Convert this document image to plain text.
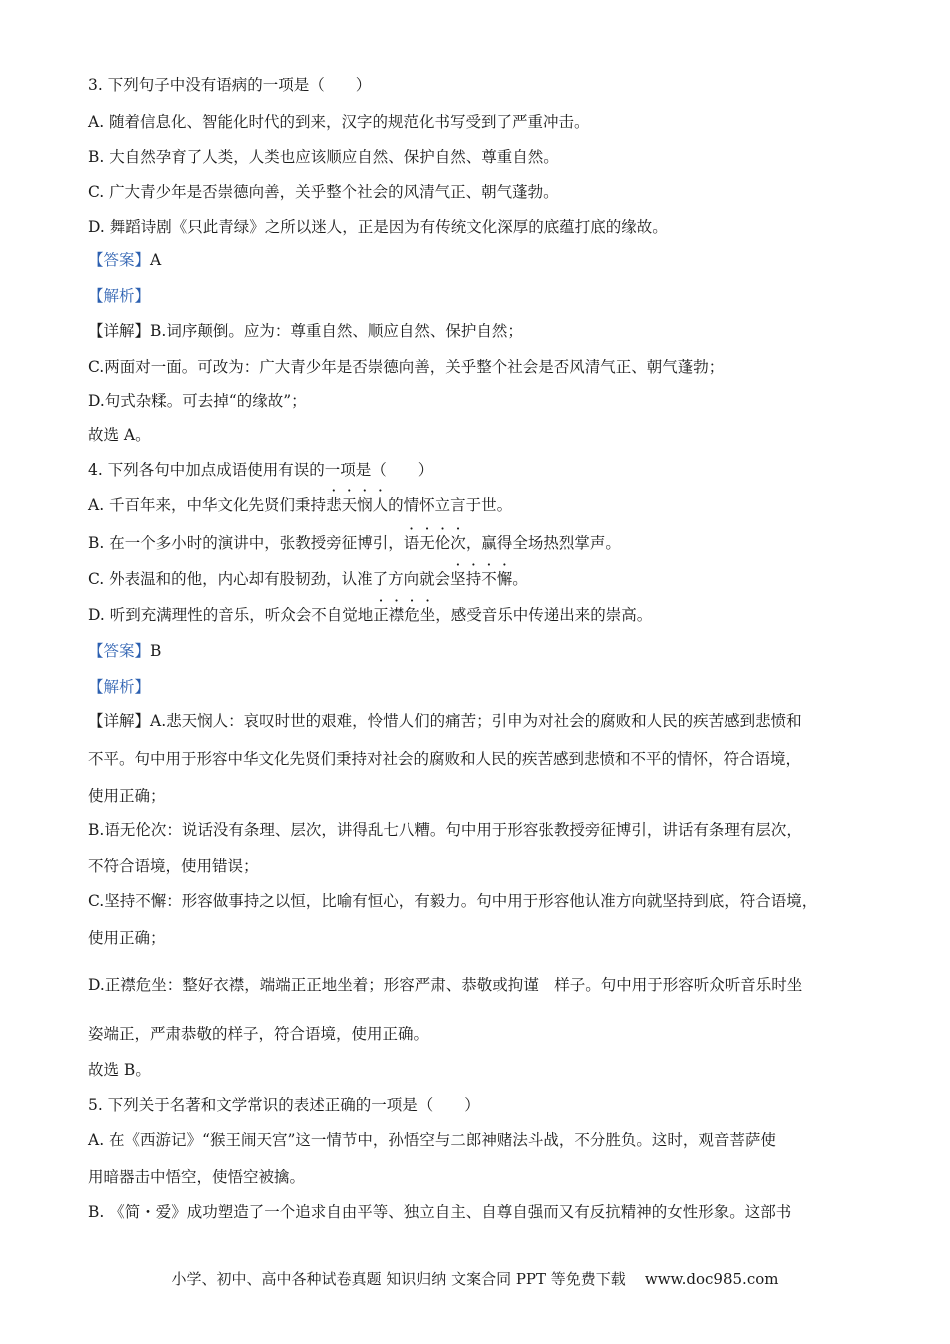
3. 下列句子中没有语病的一项是（　　）
A. 随着信息化、智能化时代的到来，汉字的规范化书写受到了严重冲击。
B. 大自然孕育了人类，人类也应该顺应自然、保护自然、尊重自然。
C. 广大青少年是否崇德向善，关乎整个社会的风清气正、朝气蓬勃。
D. 舞蹈诗剧《只此青绿》之所以迷人，正是因为有传统文化深厚的底蕴打底的缘故。
【答案】A
【解析】
【详解】B.词序颠倒。应为：尊重自然、顺应自然、保护自然；
C.两面对一面。可改为：广大青少年是否崇德向善，关乎整个社会是否风清气正、朝气蓬勃；
D.句式杂糅。可去掉“的缘故”；
故选 A。
4. 下列各句中加点成语使用有误的一项是（　　）
A. 千百年来，中华文化先贤们秉持悲天悯人的情怀立言于世。
B. 在一个多小时的演讲中，张教授旁征博引，语无伦次，赢得全场热烈掌声。
C. 外表温和的他，内心却有股韧劲，认准了方向就会坚持不懈。
D. 听到充满理性的音乐，听众会不自觉地正襟危坐，感受音乐中传递出来的崇高。
【答案】B
【解析】
【详解】A.悲天悯人：哀叹时世的艰难，怜惜人们的痛苦；引申为对社会的腐败和人民的疾苦感到悲愤和
不平。句中用于形容中华文化先贤们秉持对社会的腐败和人民的疾苦感到悲愤和不平的情怀，符合语境，
使用正确；
B.语无伦次：说话没有条理、层次，讲得乱七八糟。句中用于形容张教授旁征博引，讲话有条理有层次，
不符合语境，使用错误；
C.坚持不懈：形容做事持之以恒，比喻有恒心，有毅力。句中用于形容他认准方向就坚持到底，符合语境，
使用正确；
D.正襟危坐：整好衣襟，端端正正地坐着；形容严肃、恭敬或拘谨　样子。句中用于形容听众听音乐时坐
姿端正，严肃恭敬的样子，符合语境，使用正确。
故选 B。
5. 下列关于名著和文学常识的表述正确的一项是（　　）
A. 在《西游记》“猴王闹天宫”这一情节中，孙悟空与二郎神赌法斗战，不分胜负。这时，观音菩萨使
用暗器击中悟空，使悟空被擒。
B. 《简・爱》成功塑造了一个追求自由平等、独立自主、自尊自强而又有反抗精神的女性形象。这部书
小学、初中、高中各种试卷真题 知识归纳 文案合同 PPT 等免费下载 www.doc985.com
